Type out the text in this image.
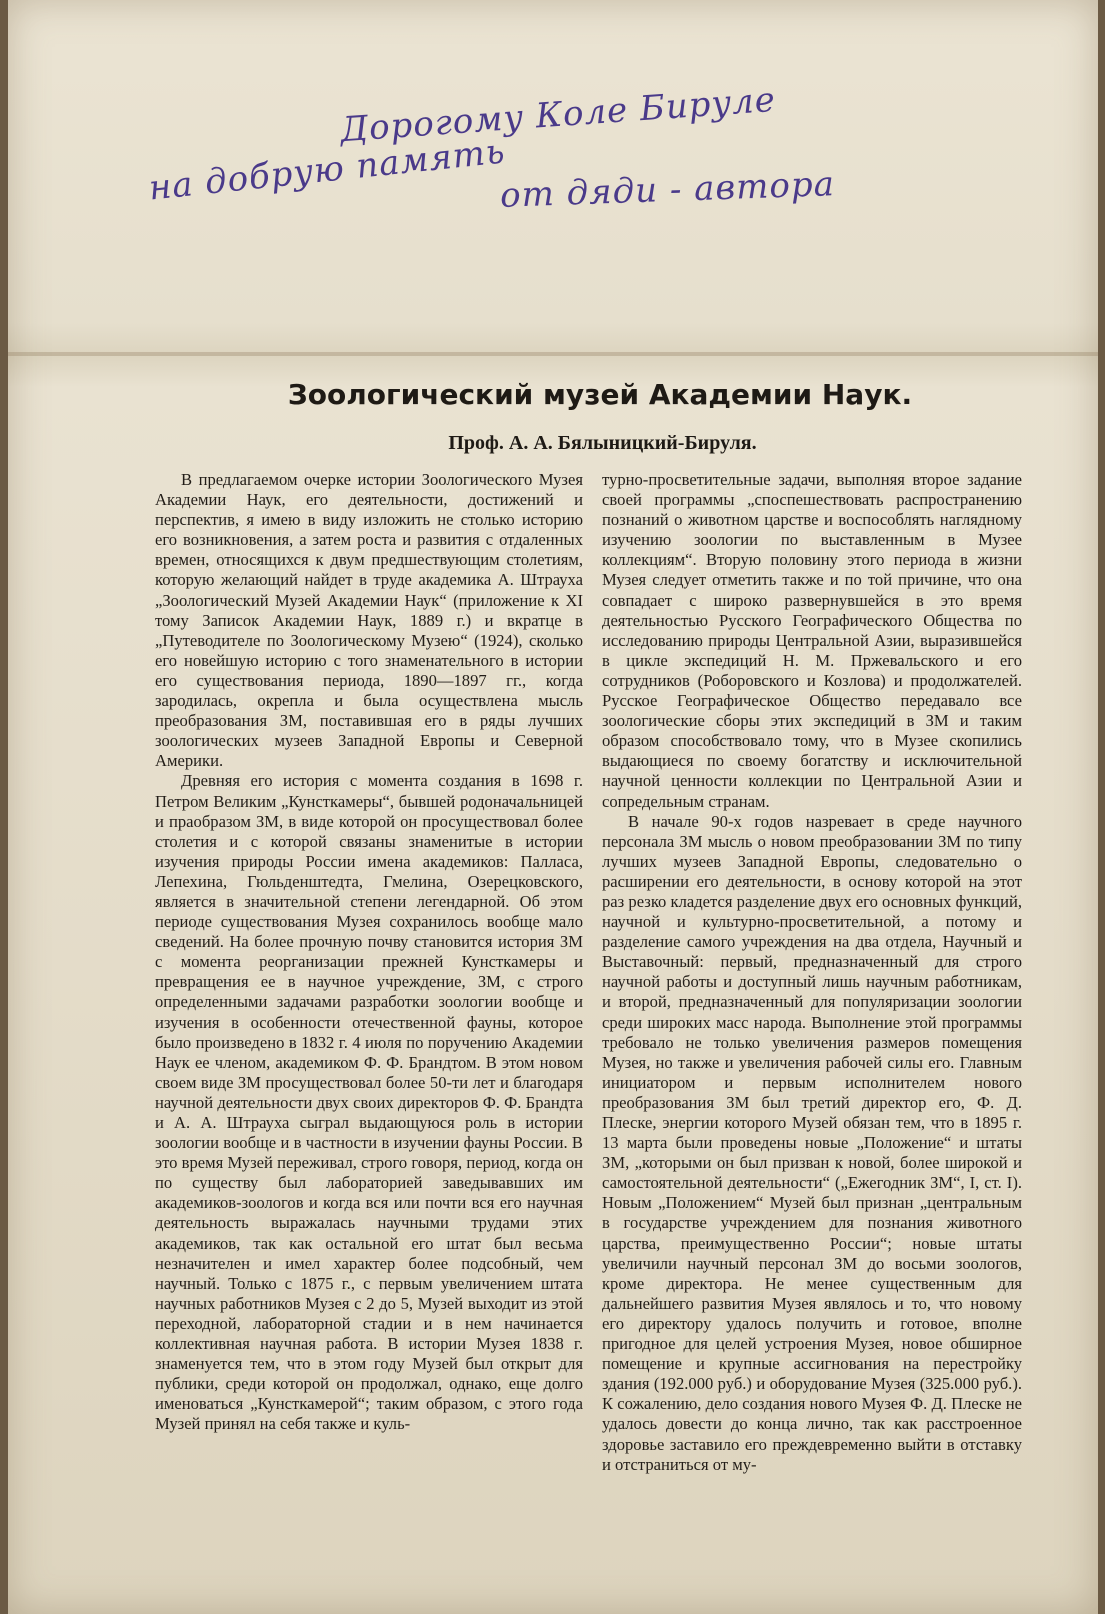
Дорогому Коле Бируле
на добрую память
от дяди - автора
Зоологический музей Академии Наук.
Проф. А. А. Бялыницкий-Бируля.

В предлагаемом очерке истории Зоологического Музея Академии Наук, его деятельности, достижений и перспектив, я имею в виду изложить не столько историю его возникновения, а затем роста и развития с отдаленных времен, относящихся к двум предшествующим столетиям, которую желающий найдет в труде академика А. Штрауха „Зоологический Музей Академии Наук“ (приложение к XI тому Записок Академии Наук, 1889 г.) и вкратце в „Путеводителе по Зоологическому Музею“ (1924), сколько его новейшую историю с того знаменательного в истории его существования периода, 1890—1897 гг., когда зародилась, окрепла и была осуществлена мысль преобразования ЗМ, поставившая его в ряды лучших зоологических музеев Западной Европы и Северной Америки.

Древняя его история с момента создания в 1698 г. Петром Великим „Кунсткамеры“, бывшей родоначальницей и праобразом ЗМ, в виде которой он просуществовал более столетия и с которой связаны знаменитые в истории изучения природы России имена академиков: Палласа, Лепехина, Гюльденштедта, Гмелина, Озерецковского, является в значительной степени легендарной. Об этом периоде существования Музея сохранилось вообще мало сведений. На более прочную почву становится история ЗМ с момента реорганизации прежней Кунсткамеры и превращения ее в научное учреждение, ЗМ, с строго определенными задачами разработки зоологии вообще и изучения в особенности отечественной фауны, которое было произведено в 1832 г. 4 июля по поручению Академии Наук ее членом, академиком Ф. Ф. Брандтом. В этом новом своем виде ЗМ просуществовал более 50-ти лет и благодаря научной деятельности двух своих директоров Ф. Ф. Брандта и А. А. Штрауха сыграл выдающуюся роль в истории зоологии вообще и в частности в изучении фауны России. В это время Музей переживал, строго говоря, период, когда он по существу был лабораторией заведывавших им академиков-зоологов и когда вся или почти вся его научная деятельность выражалась научными трудами этих академиков, так как остальной его штат был весьма незначителен и имел характер более подсобный, чем научный. Только с 1875 г., с первым увеличением штата научных работников Музея с 2 до 5, Музей выходит из этой переходной, лабораторной стадии и в нем начинается коллективная научная работа. В истории Музея 1838 г. знаменуется тем, что в этом году Музей был открыт для публики, среди которой он продолжал, однако, еще долго именоваться „Кунсткамерой“; таким образом, с этого года Музей принял на себя также и куль-

турно-просветительные задачи, выполняя второе задание своей программы „споспешествовать распространению познаний о животном царстве и воспособлять наглядному изучению зоологии по выставленным в Музее коллекциям“. Вторую половину этого периода в жизни Музея следует отметить также и по той причине, что она совпадает с широко развернувшейся в это время деятельностью Русского Географического Общества по исследованию природы Центральной Азии, выразившейся в цикле экспедиций Н. М. Пржевальского и его сотрудников (Роборовского и Козлова) и продолжателей. Русское Географическое Общество передавало все зоологические сборы этих экспедиций в ЗМ и таким образом способствовало тому, что в Музее скопились выдающиеся по своему богатству и исключительной научной ценности коллекции по Центральной Азии и сопредельным странам.

В начале 90-х годов назревает в среде научного персонала ЗМ мысль о новом преобразовании ЗМ по типу лучших музеев Западной Европы, следовательно о расширении его деятельности, в основу которой на этот раз резко кладется разделение двух его основных функций, научной и культурно-просветительной, а потому и разделение самого учреждения на два отдела, Научный и Выставочный: первый, предназначенный для строго научной работы и доступный лишь научным работникам, и второй, предназначенный для популяризации зоологии среди широких масс народа. Выполнение этой программы требовало не только увеличения размеров помещения Музея, но также и увеличения рабочей силы его. Главным инициатором и первым исполнителем нового преобразования ЗМ был третий директор его, Ф. Д. Плеске, энергии которого Музей обязан тем, что в 1895 г. 13 марта были проведены новые „Положение“ и штаты ЗМ, „которыми он был призван к новой, более широкой и самостоятельной деятельности“ („Ежегодник ЗМ“, I, ст. I). Новым „Положением“ Музей был признан „центральным в государстве учреждением для познания животного царства, преимущественно России“; новые штаты увеличили научный персонал ЗМ до восьми зоологов, кроме директора. Не менее существенным для дальнейшего развития Музея являлось и то, что новому его директору удалось получить и готовое, вполне пригодное для целей устроения Музея, новое обширное помещение и крупные ассигнования на перестройку здания (192.000 руб.) и оборудование Музея (325.000 руб.). К сожалению, дело создания нового Музея Ф. Д. Плеске не удалось довести до конца лично, так как расстроенное здоровье заставило его преждевременно выйти в отставку и отстраниться от му-
